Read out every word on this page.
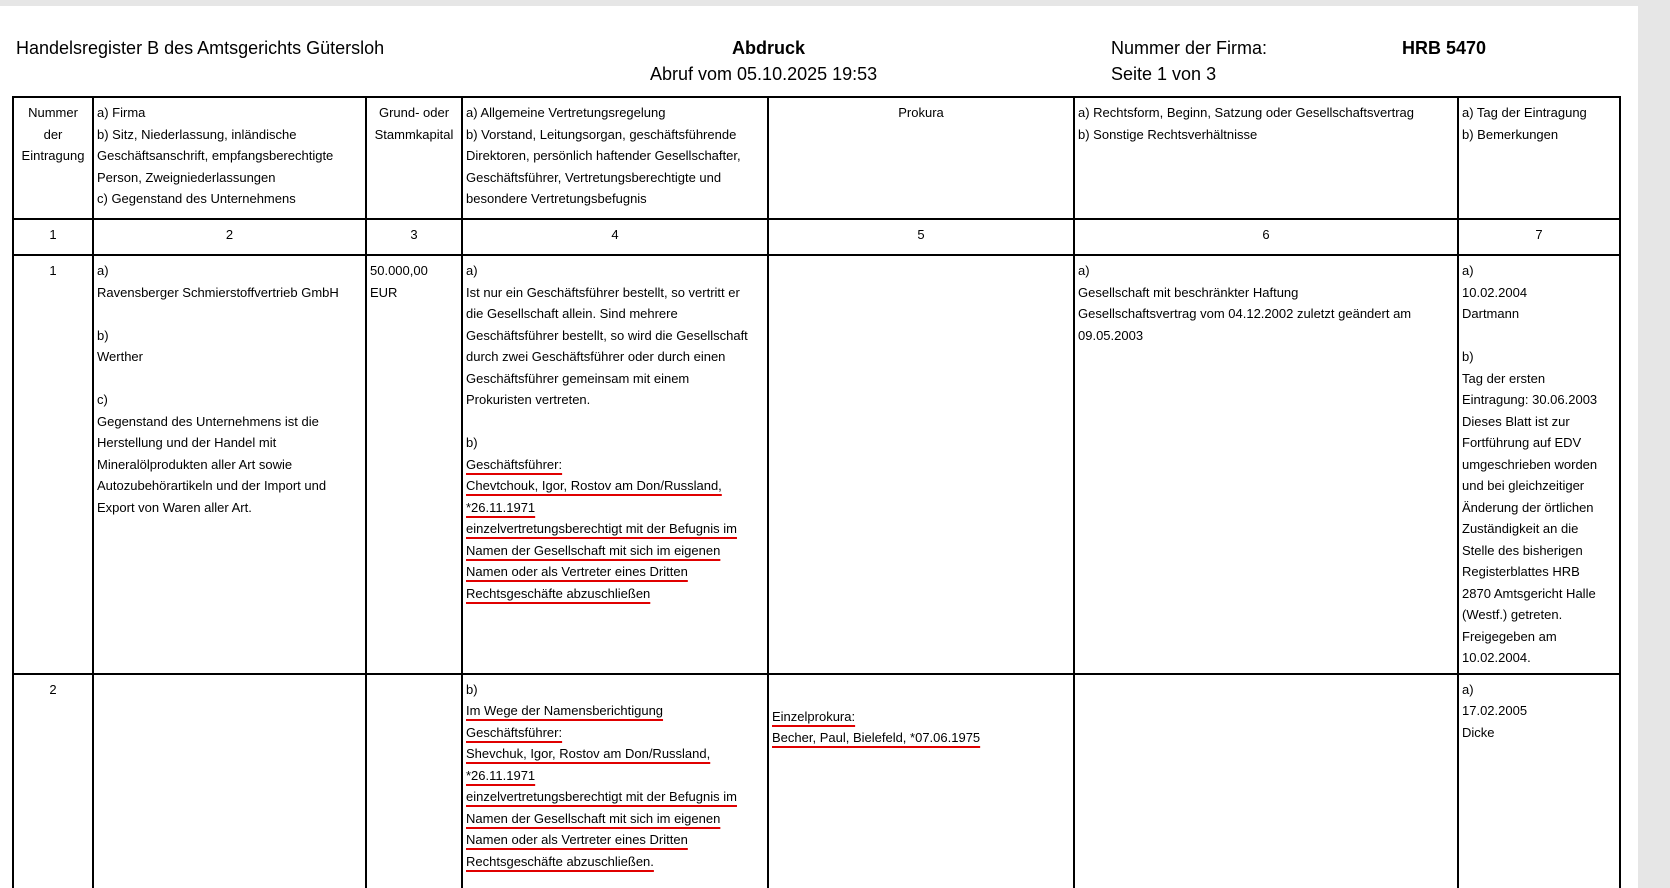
Handelsregister B des Amtsgerichts Gütersloh	Abdruck
Abruf vom 05.10.2025 19:53
Nummer der Firma:	HRB 5470
Seite 1 von 3
Nummer
der
Eintragung

a) Firma
b) Sitz, Niederlassung, inländische
Geschäftsanschrift, empfangsberechtigte
Person, Zweigniederlassungen
c) Gegenstand des Unternehmens

Grund- oder
Stammkapital

a) Allgemeine Vertretungsregelung
b) Vorstand, Leitungsorgan, geschäftsführende
Direktoren, persönlich haftender Gesellschafter,
Geschäftsführer, Vertretungsberechtigte und
besondere Vertretungsbefugnis

Prokura	a) Rechtsform, Beginn, Satzung oder Gesellschaftsvertrag
b) Sonstige Rechtsverhältnisse

a) Tag der Eintragung
b) Bemerkungen

1	2	3	4	5	6	7
1	a)
Ravensberger Schmierstoffvertrieb GmbH
b)
Werther
c)
Gegenstand des Unternehmens ist die
Herstellung und der Handel mit
Mineralölprodukten aller Art sowie
Autozubehörartikeln und der Import und
Export von Waren aller Art.

50.000,00
EUR

a)
Ist nur ein Geschäftsführer bestellt, so vertritt er
die Gesellschaft allein. Sind mehrere
Geschäftsführer bestellt, so wird die Gesellschaft
durch zwei Geschäftsführer oder durch einen
Geschäftsführer gemeinsam mit einem
Prokuristen vertreten.
b)
Geschäftsführer:
Chevtchouk, Igor, Rostov am Don/Russland,
*26.11.1971
einzelvertretungsberechtigt mit der Befugnis im
Namen der Gesellschaft mit sich im eigenen
Namen oder als Vertreter eines Dritten
Rechtsgeschäfte abzuschließen

a)
Gesellschaft mit beschränkter Haftung
Gesellschaftsvertrag vom 04.12.2002 zuletzt geändert am
09.05.2003

a)
10.02.2004
Dartmann
b)
Tag der ersten
Eintragung: 30.06.2003
Dieses Blatt ist zur
Fortführung auf EDV
umgeschrieben worden
und bei gleichzeitiger
Änderung der örtlichen
Zuständigkeit an die
Stelle des bisherigen
Registerblattes HRB
2870 Amtsgericht Halle
(Westf.) getreten.
Freigegeben am
10.02.2004.

2			b)
Im Wege der Namensberichtigung
Geschäftsführer:
Shevchuk, Igor, Rostov am Don/Russland,
*26.11.1971
einzelvertretungsberechtigt mit der Befugnis im
Namen der Gesellschaft mit sich im eigenen
Namen oder als Vertreter eines Dritten
Rechtsgeschäfte abzuschließen.

Einzelprokura:
Becher, Paul, Bielefeld, *07.06.1975

a)
17.02.2005
Dicke
